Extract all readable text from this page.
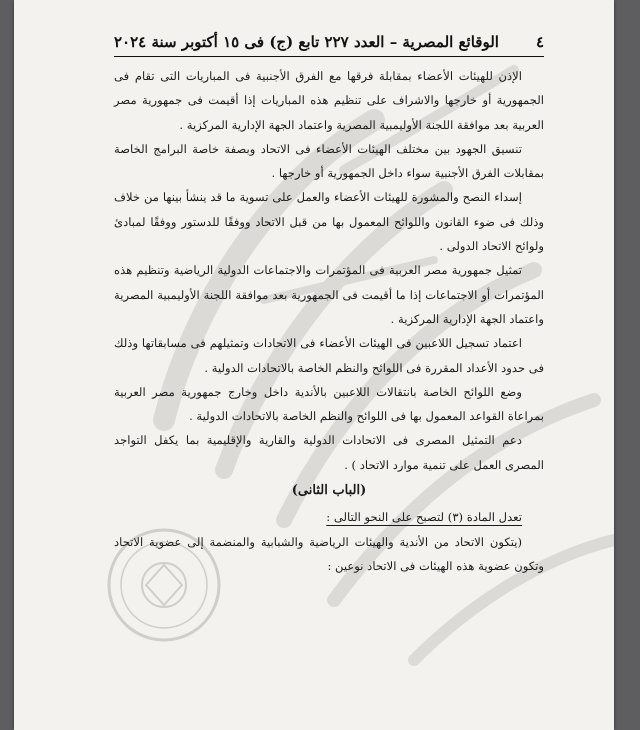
٤
الوقائع المصرية – العدد ٢٢٧ تابع (ج) فى ١٥ أكتوبر سنة ٢٠٢٤

الإذن للهيئات الأعضاء بمقابلة فرقها مع الفرق الأجنبية فى المباريات التى تقام فى الجمهورية أو خارجها والاشراف على تنظيم هذه المباريات إذا أقيمت فى جمهورية مصر العربية بعد موافقة اللجنة الأوليمبية المصرية واعتماد الجهة الإدارية المركزية .

تنسيق الجهود بين مختلف الهيئات الأعضاء فى الاتحاد وبصفة خاصة البرامج الخاصة بمقابلات الفرق الأجنبية سواء داخل الجمهورية أو خارجها .

إسداء النصح والمشورة للهيئات الأعضاء والعمل على تسوية ما قد ينشأ بينها من خلاف وذلك فى ضوء القانون واللوائح المعمول بها من قبل الاتحاد ووفقًا للدستور ووفقًا لمبادئ ولوائح الاتحاد الدولى .

تمثيل جمهورية مصر العربية فى المؤتمرات والاجتماعات الدولية الرياضية وتنظيم هذه المؤتمرات أو الاجتماعات إذا ما أقيمت فى الجمهورية بعد موافقة اللجنة الأوليمبية المصرية واعتماد الجهة الإدارية المركزية .

اعتماد تسجيل اللاعبين فى الهيئات الأعضاء فى الاتحادات وتمثيلهم فى مسابقاتها وذلك فى حدود الأعداد المقررة فى اللوائح والنظم الخاصة بالاتحادات الدولية .

وضع اللوائح الخاصة بانتقالات اللاعبين بالأندية داخل وخارج جمهورية مصر العربية بمراعاة القواعد المعمول بها فى اللوائح والنظم الخاصة بالاتحادات الدولية .

دعم التمثيل المصرى فى الاتحادات الدولية والقارية والإقليمية بما يكفل التواجد المصرى العمل على تنمية موارد الاتحاد ) .

(الباب الثانى)

تعدل المادة (٣) لتصبح على النحو التالى :

(يتكون الاتحاد من الأندية والهيئات الرياضية والشبابية والمنضمة إلى عضوية الاتحاد وتكون عضوية هذه الهيئات فى الاتحاد نوعين :
